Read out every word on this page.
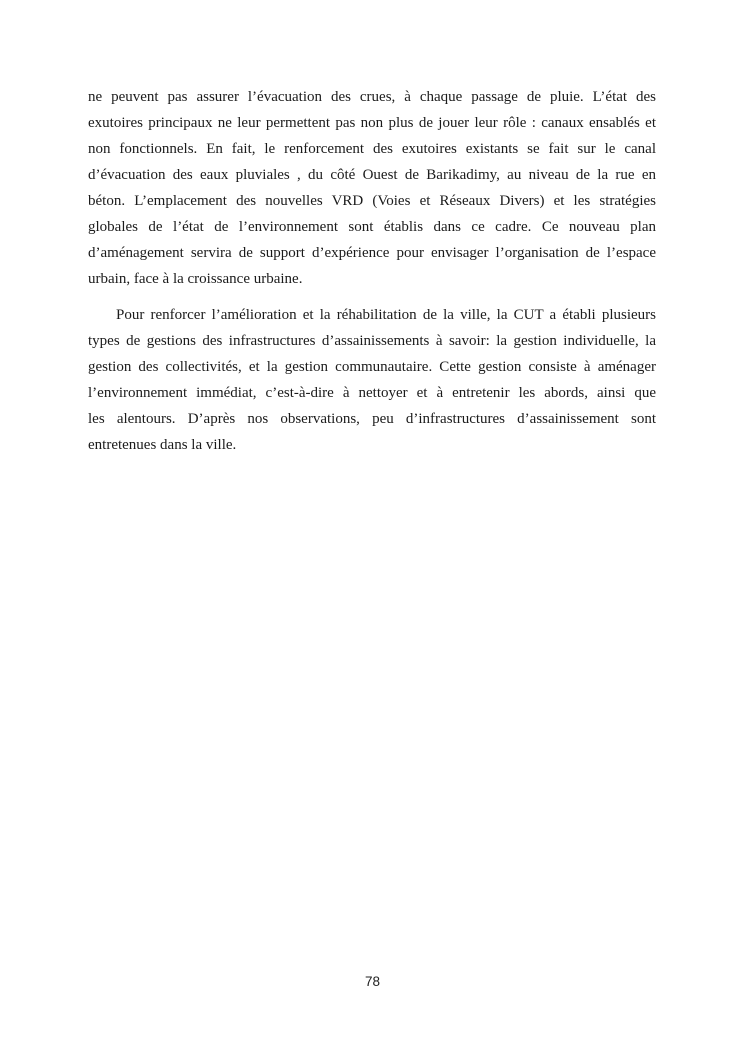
ne peuvent pas assurer l’évacuation des crues, à chaque passage de pluie. L’état des
exutoires principaux ne leur permettent pas non plus de jouer leur rôle : canaux ensablés et
non fonctionnels. En fait, le renforcement des exutoires existants se fait sur le canal
d’évacuation des eaux pluviales , du côté Ouest de Barikadimy, au niveau de la rue en
béton. L’emplacement des nouvelles VRD (Voies et Réseaux Divers) et les stratégies
globales de l’état de l’environnement sont établis dans ce cadre. Ce nouveau plan
d’aménagement servira de support d’expérience pour envisager l’organisation de l’espace
urbain, face à la croissance urbaine.
Pour renforcer l’amélioration et la réhabilitation de la ville, la CUT a établi plusieurs
types de gestions des infrastructures d’assainissements à savoir: la gestion individuelle, la
gestion des collectivités, et la gestion communautaire. Cette gestion consiste à aménager
l’environnement immédiat, c’est-à-dire à nettoyer et à entretenir les abords, ainsi que
les alentours. D’après nos observations, peu d’infrastructures d’assainissement sont
entretenues dans la ville.
78
